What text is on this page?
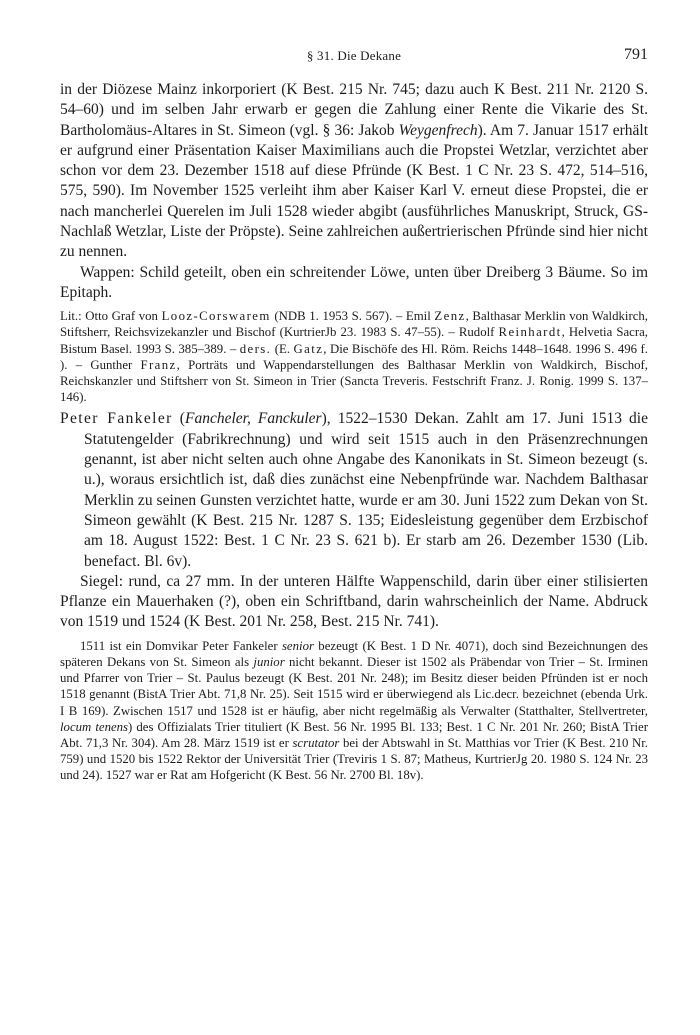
§ 31. Die Dekane	791

in der Diözese Mainz inkorporiert (K Best. 215 Nr. 745; dazu auch K Best. 211 Nr. 2120 S. 54–60) und im selben Jahr erwarb er gegen die Zahlung einer Rente die Vikarie des St. Bartholomäus-Altares in St. Simeon (vgl. § 36: Jakob Weygenfrech). Am 7. Januar 1517 erhält er aufgrund einer Präsentation Kaiser Maximilians auch die Propstei Wetzlar, verzichtet aber schon vor dem 23. Dezember 1518 auf diese Pfründe (K Best. 1 C Nr. 23 S. 472, 514–516, 575, 590). Im November 1525 verleiht ihm aber Kaiser Karl V. erneut diese Propstei, die er nach mancherlei Querelen im Juli 1528 wieder abgibt (ausführliches Manuskript, Struck, GS-Nachlaß Wetzlar, Liste der Pröpste). Seine zahlreichen außertrierischen Pfründe sind hier nicht zu nennen.

Wappen: Schild geteilt, oben ein schreitender Löwe, unten über Dreiberg 3 Bäume. So im Epitaph.

Lit.: Otto Graf von Looz-Corswarem (NDB 1. 1953 S. 567). – Emil Zenz, Balthasar Merklin von Waldkirch, Stiftsherr, Reichsvizekanzler und Bischof (KurtrierJb 23. 1983 S. 47–55). – Rudolf Reinhardt, Helvetia Sacra, Bistum Basel. 1993 S. 385–389. – ders. (E. Gatz, Die Bischöfe des Hl. Röm. Reichs 1448–1648. 1996 S. 496 f. ). – Gunther Franz, Porträts und Wappendarstellungen des Balthasar Merklin von Waldkirch, Bischof, Reichskanzler und Stiftsherr von St. Simeon in Trier (Sancta Treveris. Festschrift Franz. J. Ronig. 1999 S. 137–146).

Peter Fankeler (Fancheler, Fanckuler), 1522–1530 Dekan. Zahlt am 17. Juni 1513 die Statutengelder (Fabrikrechnung) und wird seit 1515 auch in den Präsenzrechnungen genannt, ist aber nicht selten auch ohne Angabe des Kanonikats in St. Simeon bezeugt (s. u.), woraus ersichtlich ist, daß dies zunächst eine Nebenpfründe war. Nachdem Balthasar Merklin zu seinen Gunsten verzichtet hatte, wurde er am 30. Juni 1522 zum Dekan von St. Simeon gewählt (K Best. 215 Nr. 1287 S. 135; Eidesleistung gegenüber dem Erzbischof am 18. August 1522: Best. 1 C Nr. 23 S. 621 b). Er starb am 26. Dezember 1530 (Lib. benefact. Bl. 6v).

Siegel: rund, ca 27 mm. In der unteren Hälfte Wappenschild, darin über einer stilisierten Pflanze ein Mauerhaken (?), oben ein Schriftband, darin wahrscheinlich der Name. Abdruck von 1519 und 1524 (K Best. 201 Nr. 258, Best. 215 Nr. 741).

1511 ist ein Domvikar Peter Fankeler senior bezeugt (K Best. 1 D Nr. 4071), doch sind Bezeichnungen des späteren Dekans von St. Simeon als junior nicht bekannt. Dieser ist 1502 als Präbendar von Trier – St. Irminen und Pfarrer von Trier – St. Paulus bezeugt (K Best. 201 Nr. 248); im Besitz dieser beiden Pfründen ist er noch 1518 genannt (BistA Trier Abt. 71,8 Nr. 25). Seit 1515 wird er überwiegend als Lic.decr. bezeichnet (ebenda Urk. I B 169). Zwischen 1517 und 1528 ist er häufig, aber nicht regelmäßig als Verwalter (Statthalter, Stellvertreter, locum tenens) des Offizialats Trier tituliert (K Best. 56 Nr. 1995 Bl. 133; Best. 1 C Nr. 201 Nr. 260; BistA Trier Abt. 71,3 Nr. 304). Am 28. März 1519 ist er scrutator bei der Abtswahl in St. Matthias vor Trier (K Best. 210 Nr. 759) und 1520 bis 1522 Rektor der Universität Trier (Treviris 1 S. 87; Matheus, KurtrierJg 20. 1980 S. 124 Nr. 23 und 24). 1527 war er Rat am Hofgericht (K Best. 56 Nr. 2700 Bl. 18v).
